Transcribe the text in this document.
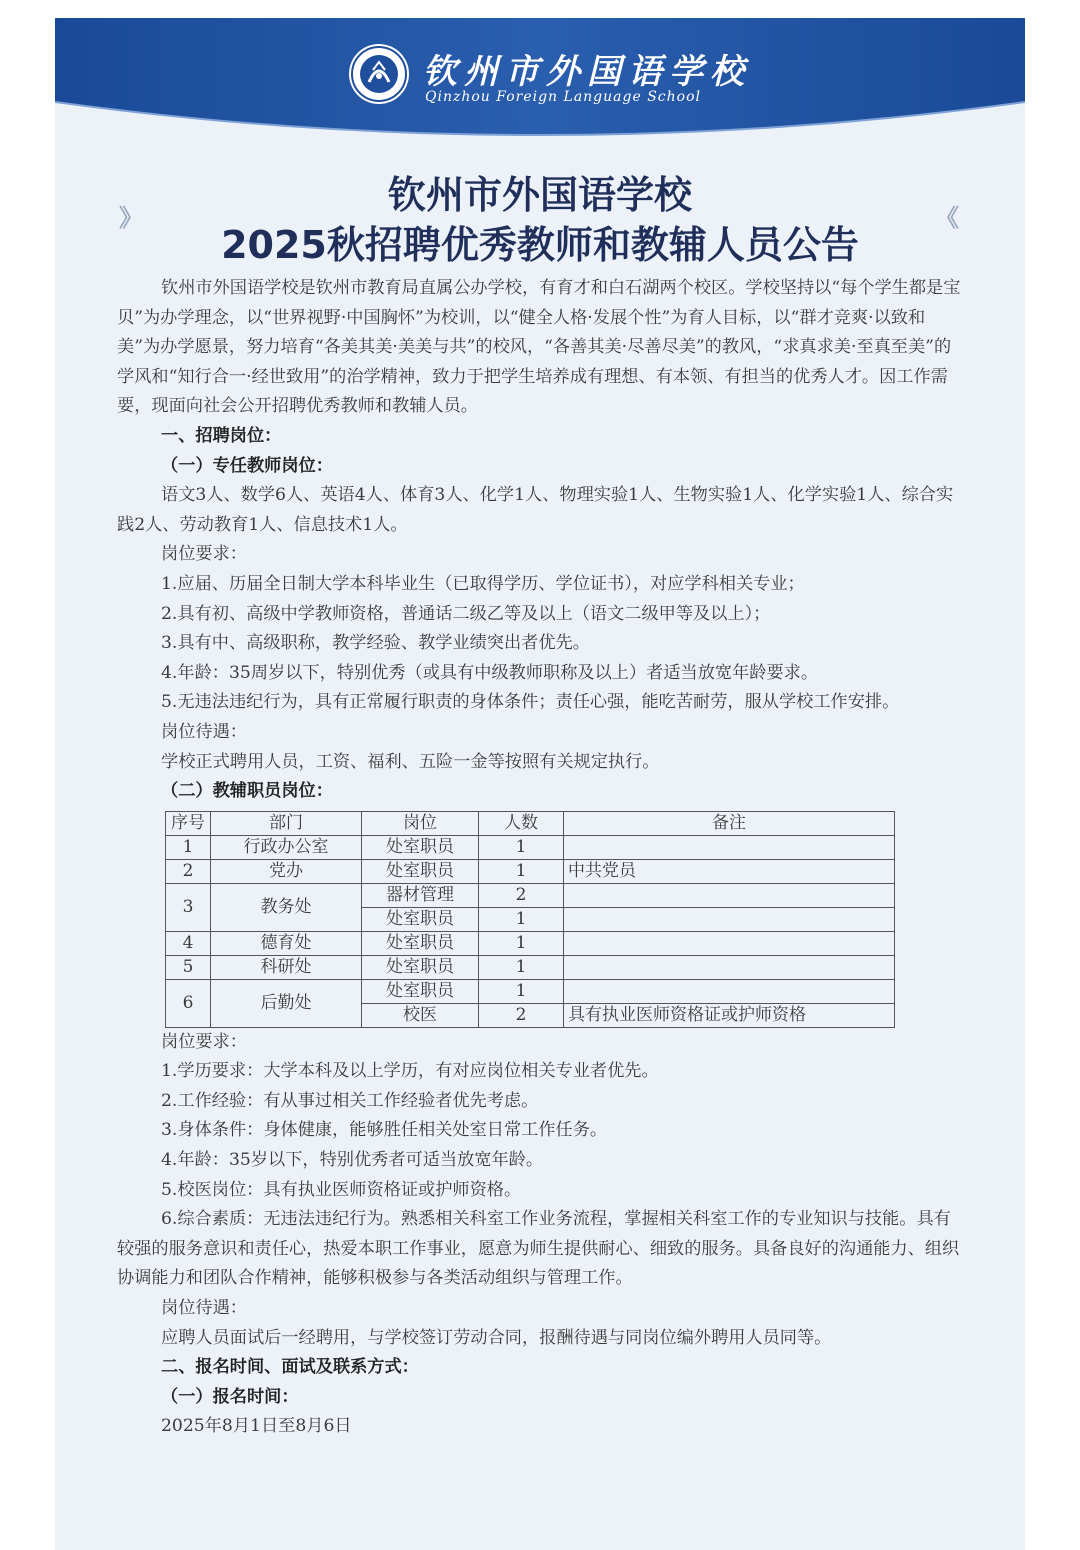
钦州市外国语学校
Qinzhou Foreign Language School
》	《
钦州市外国语学校
2025秋招聘优秀教师和教辅人员公告

钦州市外国语学校是钦州市教育局直属公办学校，有育才和白石湖两个校区。学校坚持以“每个学生都是宝贝”为办学理念，以“世界视野·中国胸怀”为校训，以“健全人格·发展个性”为育人目标，以“群才竞爽·以致和美”为办学愿景，努力培育“各美其美·美美与共”的校风，“各善其美·尽善尽美”的教风，“求真求美·至真至美”的学风和“知行合一·经世致用”的治学精神，致力于把学生培养成有理想、有本领、有担当的优秀人才。因工作需要，现面向社会公开招聘优秀教师和教辅人员。

一、招聘岗位：

（一）专任教师岗位：

语文3人、数学6人、英语4人、体育3人、化学1人、物理实验1人、生物实验1人、化学实验1人、综合实践2人、劳动教育1人、信息技术1人。

岗位要求：

1.应届、历届全日制大学本科毕业生（已取得学历、学位证书），对应学科相关专业；

2.具有初、高级中学教师资格，普通话二级乙等及以上（语文二级甲等及以上）；

3.具有中、高级职称，教学经验、教学业绩突出者优先。

4.年龄：35周岁以下，特别优秀（或具有中级教师职称及以上）者适当放宽年龄要求。

5.无违法违纪行为，具有正常履行职责的身体条件；责任心强，能吃苦耐劳，服从学校工作安排。

岗位待遇：

学校正式聘用人员，工资、福利、五险一金等按照有关规定执行。

（二）教辅职员岗位：

序号	部门	岗位	人数	备注
1	行政办公室	处室职员	1	
2	党办	处室职员	1	中共党员
3	教务处	器材管理	2	
		处室职员	1	
4	德育处	处室职员	1	
5	科研处	处室职员	1	
6	后勤处	处室职员	1	
		校医	2	具有执业医师资格证或护师资格

岗位要求：

1.学历要求：大学本科及以上学历，有对应岗位相关专业者优先。

2.工作经验：有从事过相关工作经验者优先考虑。

3.身体条件：身体健康，能够胜任相关处室日常工作任务。

4.年龄：35岁以下，特别优秀者可适当放宽年龄。

5.校医岗位：具有执业医师资格证或护师资格。

6.综合素质：无违法违纪行为。熟悉相关科室工作业务流程，掌握相关科室工作的专业知识与技能。具有较强的服务意识和责任心，热爱本职工作事业，愿意为师生提供耐心、细致的服务。具备良好的沟通能力、组织协调能力和团队合作精神，能够积极参与各类活动组织与管理工作。

岗位待遇：

应聘人员面试后一经聘用，与学校签订劳动合同，报酬待遇与同岗位编外聘用人员同等。

二、报名时间、面试及联系方式：

（一）报名时间：

2025年8月1日至8月6日
